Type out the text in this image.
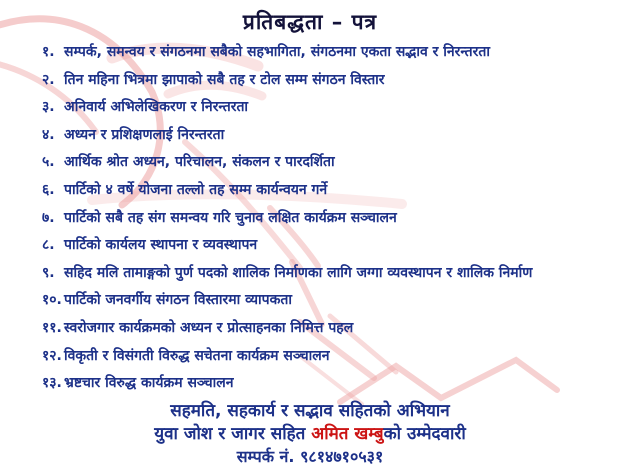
प्रतिबद्धता – पत्र
१. सम्पर्क, समन्वय र संगठनमा सबैको सहभागिता, संगठनमा एकता सद्भाव र निरन्तरता
२. तिन महिना भित्रमा झापाको सबै तह र टोल सम्म संगठन विस्तार
३. अनिवार्य अभिलेखिकरण र निरन्तरता
४. अध्यन र प्रशिक्षणलाई निरन्तरता
५. आर्थिक श्रोत अध्यन, परिचालन, संकलन र पारदर्शिता
६. पार्टिको ४ वर्षे योजना तल्लो तह सम्म कार्यन्वयन गर्ने
७. पार्टिको सबै तह संग समन्वय गरि चुनाव लक्षित कार्यक्रम सञ्चालन
८. पार्टिको कार्यलय स्थापना र व्यवस्थापन
९. सहिद मलि तामाङ्गको पुर्ण पदको शालिक निर्माणका लागि जग्गा व्यवस्थापन र शालिक निर्माण
१०. पार्टिको जनवर्गीय संगठन विस्तारमा व्यापकता
११. स्वरोजगार कार्यक्रमको अध्यन र प्रोत्साहनका निमित्त पहल
१२. विकृती र विसंगती विरुद्ध सचेतना कार्यक्रम सञ्चालन
१३. भ्रष्टचार विरुद्ध कार्यक्रम सञ्चालन
सहमति, सहकार्य र सद्भाव सहितको अभियान
युवा जोश र जागर सहित अमित खम्बुको उम्मेदवारी
सम्पर्क नं. ९८१४७१०५३१
